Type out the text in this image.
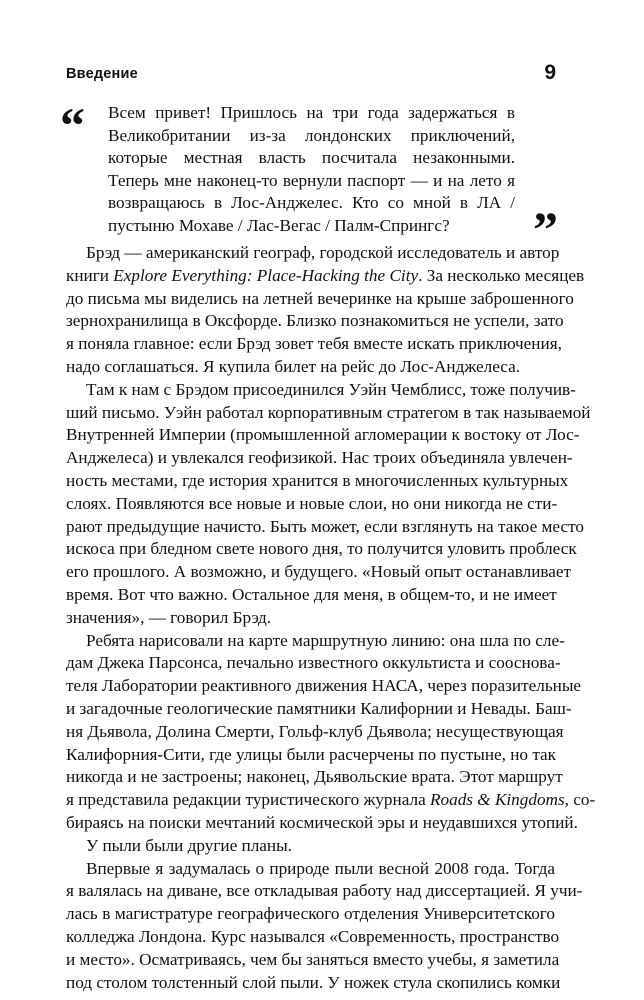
Введение	9
“ Всем привет! Пришлось на три года задержаться в Великобритании из-за лондонских приключений, которые местная власть посчитала незаконными. Теперь мне наконец-то вернули паспорт — и на лето я возвращаюсь в Лос-Анджелес. Кто со мной в ЛА / пустыню Мохаве / Лас-Вегас / Палм-Спрингс?	”
Брэд — американский географ, городской исследователь и автор
книги Explore Everything: Place-Hacking the City. За несколько месяцев
до письма мы виделись на летней вечеринке на крыше заброшенного
зернохранилища в Оксфорде. Близко познакомиться не успели, зато
я поняла главное: если Брэд зовет тебя вместе искать приключения,
надо соглашаться. Я купила билет на рейс до Лос-Анджелеса.
Там к нам с Брэдом присоединился Уэйн Чемблисс, тоже получив-
ший письмо. Уэйн работал корпоративным стратегом в так называемой
Внутренней Империи (промышленной агломерации к востоку от Лос-
Анджелеса) и увлекался геофизикой. Нас троих объединяла увлечен-
ность местами, где история хранится в многочисленных культурных
слоях. Появляются все новые и новые слои, но они никогда не сти-
рают предыдущие начисто. Быть может, если взглянуть на такое место
искоса при бледном свете нового дня, то получится уловить проблеск
его прошлого. А возможно, и будущего. «Новый опыт останавливает
время. Вот что важно. Остальное для меня, в общем-то, и не имеет
значения», — говорил Брэд.
Ребята нарисовали на карте маршрутную линию: она шла по сле-
дам Джека Парсонса, печально известного оккультиста и сооснова-
теля Лаборатории реактивного движения НАСА, через поразительные
и загадочные геологические памятники Калифорнии и Невады. Баш-
ня Дьявола, Долина Смерти, Гольф-клуб Дьявола; несуществующая
Калифорния-Сити, где улицы были расчерчены по пустыне, но так
никогда и не застроены; наконец, Дьявольские врата. Этот маршрут
я представила редакции туристического журнала Roads & Kingdoms, со-
бираясь на поиски мечтаний космической эры и неудавшихся утопий.
У пыли были другие планы.
Впервые я задумалась о природе пыли весной 2008 года. Тогда
я валялась на диване, все откладывая работу над диссертацией. Я учи-
лась в магистратуре географического отделения Университетского
колледжа Лондона. Курс назывался «Современность, пространство
и место». Осматриваясь, чем бы заняться вместо учебы, я заметила
под столом толстенный слой пыли. У ножек стула скопились комки
